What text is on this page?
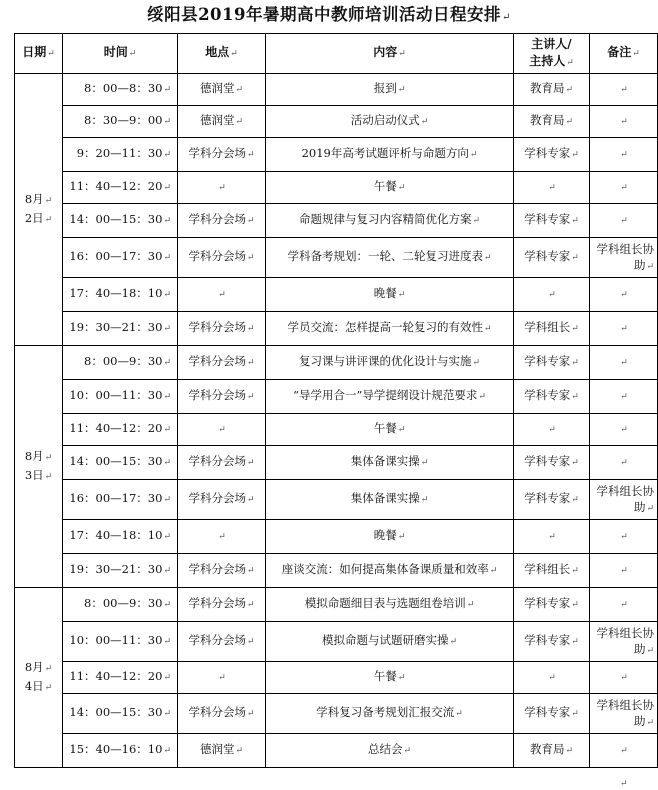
绥阳县2019年暑期高中教师培训活动日程安排↵
日期↵	时间↵	地点↵	内容↵	主讲人/
主持人↵	备注↵
8月↵
2日↵	8：00—8：30↵	德润堂↵	报到↵	教育局↵	↵
	8：30—9：00↵	德润堂↵	活动启动仪式↵	教育局↵	↵
	9：20—11：30↵	学科分会场↵	2019年高考试题评析与命题方向↵	学科专家↵	↵
	11：40—12：20↵	↵	午餐↵	↵	↵
	14：00—15：30↵	学科分会场↵	命题规律与复习内容精简优化方案↵	学科专家↵	↵
	16：00—17：30↵	学科分会场↵	学科备考规划：一轮、二轮复习进度表↵	学科专家↵	学科组长协助↵
	17：40—18：10↵	↵	晚餐↵	↵	↵
	19：30—21：30↵	学科分会场↵	学员交流：怎样提高一轮复习的有效性↵	学科组长↵	↵
8月↵
3日↵	8：00—9：30↵	学科分会场↵	复习课与讲评课的优化设计与实施↵	学科专家↵	↵
	10：00—11：30↵	学科分会场↵	“导学用合一”导学提纲设计规范要求↵	学科专家↵	↵
	11：40—12：20↵	↵	午餐↵	↵	↵
	14：00—15：30↵	学科分会场↵	集体备课实操↵	学科专家↵	↵
	16：00—17：30↵	学科分会场↵	集体备课实操↵	学科专家↵	学科组长协助↵
	17：40—18：10↵	↵	晚餐↵	↵	↵
	19：30—21：30↵	学科分会场↵	座谈交流：如何提高集体备课质量和效率↵	学科组长↵	↵
8月↵
4日↵	8：00—9：30↵	学科分会场↵	模拟命题细目表与选题组卷培训↵	学科专家↵	↵
	10：00—11：30↵	学科分会场↵	模拟命题与试题研磨实操↵	学科专家↵	学科组长协助↵
	11：40—12：20↵	↵	午餐↵	↵	↵
	14：00—15：30↵	学科分会场↵	学科复习备考规划汇报交流↵	学科专家↵	学科组长协助↵
	15：40—16：10↵	德润堂↵	总结会↵	教育局↵	↵
↵
